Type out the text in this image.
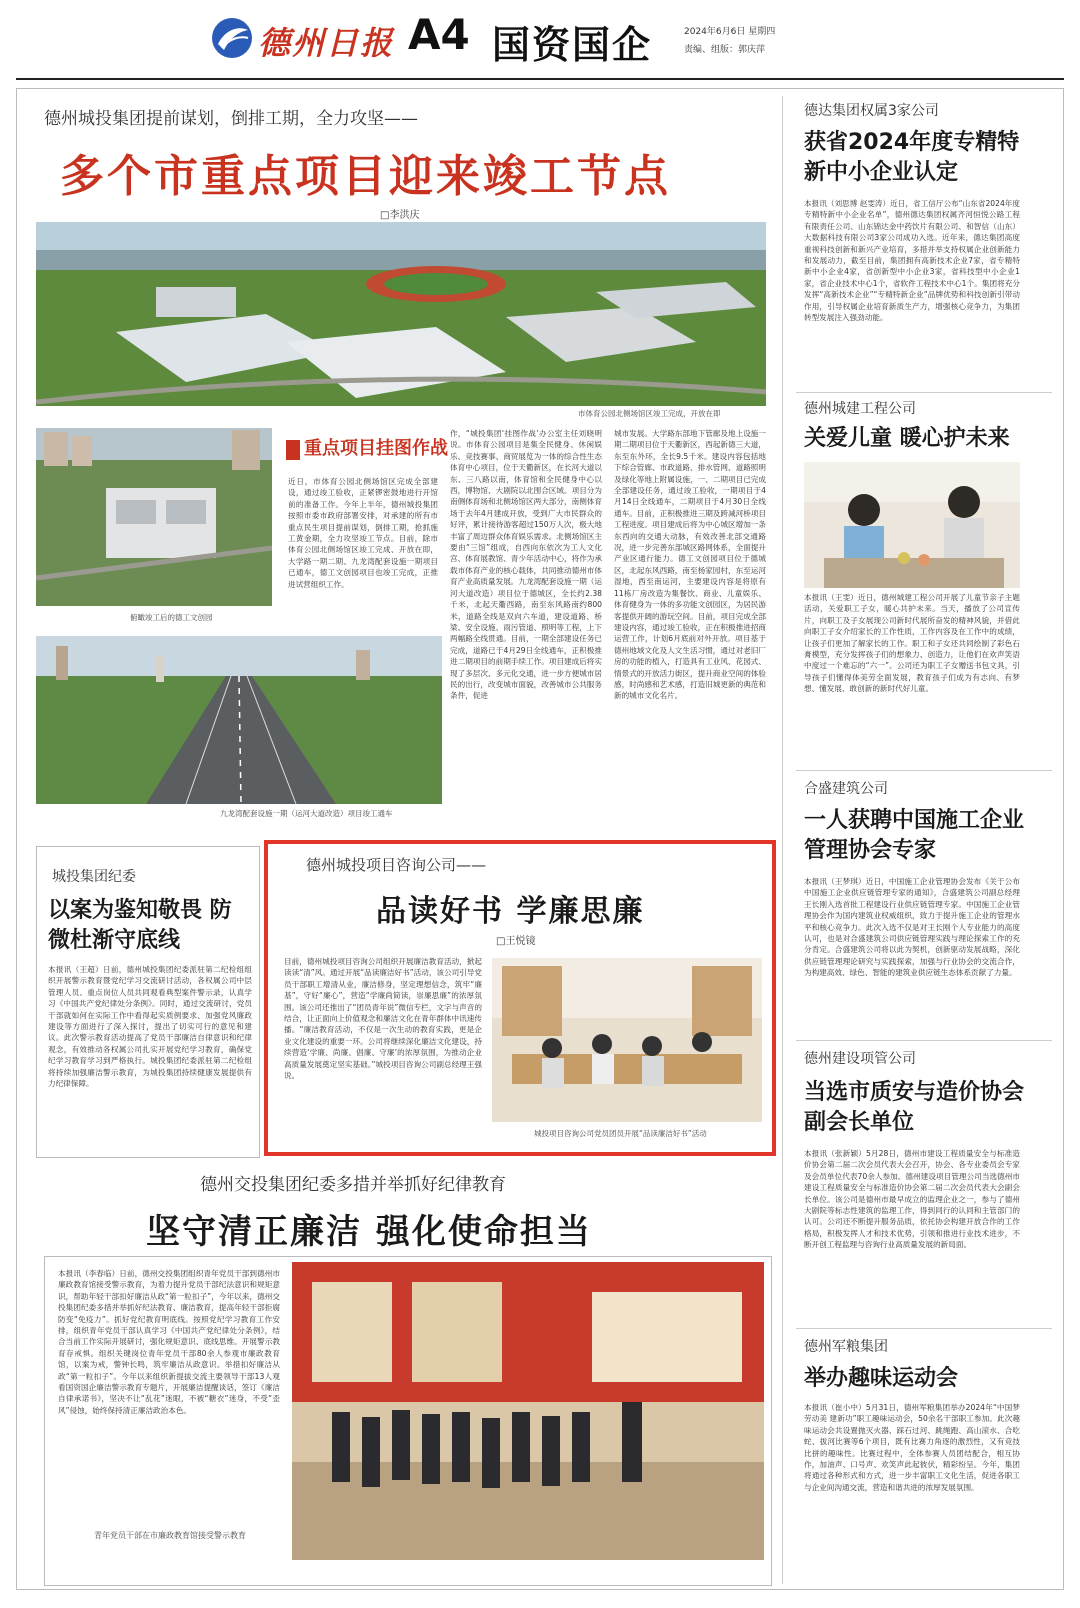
德州日报 A4 国资国企	2024年6月6日 星期四
责编、组版：郭庆萍
德州城投集团提前谋划，倒排工期，全力攻坚——
多个市重点项目迎来竣工节点
□李洪庆
市体育公园北侧场馆区竣工完成，开放在即
俯瞰竣工后的德工文创园
九龙湾配套设施一期（运河大道改造）项目竣工通车
重点项目挂图作战
近日，市体育公园北侧场馆区完成全部建设，通过竣工验收，正紧锣密鼓地进行开馆前的准备工作。今年上半年，德州城投集团按照市委市政府部署安排，对承建的所有市重点民生项目提前谋划，倒排工期，抢抓施工黄金期，全力攻坚竣工节点。目前，除市体育公园北侧场馆区竣工完成、开放在即，大学路一期二期、九龙湾配套设施一期项目已通车，德工文创园项目也竣工完成，正推进试营组织工作。
作，“城投集团‘挂图作战’办公室主任刘晓明说。市体育公园项目是集全民健身、休闲娱乐、竞技赛事、商贸展览为一体的综合性生态体育中心项目，位于天衢新区，在长河大道以东、三八路以南，体育馆和全民健身中心以西，博物馆、大剧院以北围合区域。项目分为南侧体育场和北侧场馆区两大部分，南侧体育场于去年4月建成开放，受到广大市民群众的好评，累计接待游客超过150万人次，极大地丰富了周边群众体育娱乐需求。北侧场馆区主要由“三馆”组成，自西向东依次为工人文化宫、体育展教馆、青少年活动中心，将作为承载市体育产业的核心载体，共同推动德州市体育产业高质量发展。九龙湾配套设施一期（运河大道改造）项目位于德城区，全长约2.38千米，北起天衢西路，南至东风路南约800米，道路全线是双向六车道，建设道路、桥梁、安全设施、雨污管道、照明等工程，上下两幅路全线贯通。目前，一期全部建设任务已完成，道路已于4月29日全线通车，正积极推进二期项目的前期手续工作。项目建成后将实现了多层次、多元化交通，进一步方便城市居民的出行，改变城市面貌，改善城市公共服务条件，促进
城市发展。大学路东部地下管廊及地上设施一期二期项目位于天衢新区，西起新德三大道，东至东外环，全长9.5千米。建设内容包括地下综合管廊、市政道路、排水管网、道路照明及绿化等地上附属设施，一、二期项目已完成全部建设任务，通过竣工验收，一期项目于4月14日全线通车，二期项目于4月30日全线通车。目前，正积极推进三期及跨减河桥项目工程进度。项目建成后将为中心城区增加一条东西向的交通大动脉，有效改善北部交通路况，进一步完善东部城区路网体系，全面提升产业区通行能力。德工文创园项目位于德城区，北起东风西路，南至杨家园村，东至运河湿地，西至南运河，主要建设内容是将原有11栋厂房改造为集餐饮、商业、儿童娱乐、体育健身为一体的多功能文创园区，为居民游客提供开阔的游玩空间。目前，项目完成全部建设内容，通过竣工验收，正在积极推进招商运营工作，计划6月底前对外开放。项目基于德州地域文化及人文生活习惯，通过对老旧厂房的功能的植入，打造具有工业风、花园式、情景式的开放活力街区，提升商业空间的体验感，时尚感和艺术感，打造旧城更新的典范和新的城市文化名片。
城投集团纪委
以案为鉴知敬畏 防微杜渐守底线
本报讯（王超）日前，德州城投集团纪委派驻第二纪检组组织开展警示教育暨党纪学习交流研讨活动，各权属公司中层管理人员、重点岗位人员共同观看典型案件警示录，认真学习《中国共产党纪律处分条例》。同时，通过交流研讨，党员干部就如何在实际工作中看得起实质例要求、加强党风廉政建设等方面进行了深入探讨，提出了切实可行的意见和建议。此次警示教育活动提高了党员干部廉洁自律意识和纪律观念，有效推动各权属公司扎实开展党纪学习教育，确保党纪学习教育学习到严格执行。城投集团纪委派驻第二纪检组将持续加强廉洁警示教育，为城投集团持续健康发展提供有力纪律保障。
德州城投项目咨询公司——
品读好书 学廉思廉
□王悦镜
目前，德州城投项目咨询公司组织开展廉洁教育活动，掀起读读“清”风。通过开展“品读廉洁好书”活动，该公司引导党员干部职工增清从业，廉洁修身，坚定理想信念，筑牢“廉基”，守好“廉心”，营造“学廉尚简读，崇廉思廉”的浓厚氛围。该公司还推出了“团员青年说”微信专栏，文字与声音的结合，让正面向上价值观念和廉洁文化在青年群体中讯速传播。“廉洁教育活动，不仅是一次生动的教育实践，更是企业文化建设的重要一环。公司将继续深化廉洁文化建设，持续营造‘学廉、尚廉、倡廉、守廉’的浓厚氛围，为推动企业高质量发展奠定坚实基础。”城投项目咨询公司副总经理王强说。
城投项目咨询公司党员团员开展“品读廉洁好书”活动
德州交投集团纪委多措并举抓好纪律教育
坚守清正廉洁 强化使命担当
本报讯（李春临）日前，德州交投集团组织青年党员干部到德州市廉政教育馆接受警示教育，为着力提升党员干部纪法意识和规矩意识，帮助年轻干部扣好廉洁从政“第一粒扣子”，今年以来，德州交投集团纪委多措并举抓好纪法教育、廉洁教育，提高年轻干部拒腐防变“免疫力”。抓好党纪教育明底线。按照党纪学习教育工作安排，组织青年党员干部认真学习《中国共产党纪律处分条例》，结合当前工作实际开展研讨，强化规矩意识、底线思维。开展警示教育存戒惧。组织关键岗位青年党员干部80余人参观市廉政教育馆，以案为戒，警钟长鸣，筑牢廉洁从政意识。举措扣好廉洁从政“第一粒扣子”。今年以来组织新提拔交流主要领导干部13人观看国资国企廉洁警示教育专题片，开展廉洁提醒谈话，签订《廉洁自律承诺书》，坚决不让“乱花”迷眼，不被“糖衣”迷身，不受“歪风”侵蚀，始终保持清正廉洁政治本色。
青年党员干部在市廉政教育馆接受警示教育
德达集团权属3家公司
获省2024年度专精特新中小企业认定
本报讯（刘思博 赵雯涛）近日，省工信厅公布“山东省2024年度专精特新中小企业名单”，德州德达集团权属齐河恒悦公路工程有限责任公司、山东锦达金中药饮片有限公司、和智信（山东）大数据科技有限公司3家公司成功入选。近年来，德达集团高度重视科技创新和新兴产业培育，多措并举支持权属企业创新能力和发展动力，截至目前，集团拥有高新技术企业7家，省专精特新中小企业4家，省创新型中小企业3家，省科技型中小企业1家，省企业技术中心1个，省软件工程技术中心1个。集团将充分发挥“高新技术企业”“专精特新企业”品牌优势和科技创新引带动作用，引导权属企业培育新质生产力，增强核心竞争力，为集团转型发展注入强劲动能。
德州城建工程公司
关爱儿童 暖心护未来
本报讯（王雯）近日，德州城建工程公司开展了儿童节亲子主题活动，关爱职工子女，暖心共护未来。当天，播放了公司宣传片，向职工及子女展现公司新时代展所奋发的精神风貌，并借此向职工子女介绍家长的工作性质，工作内容及在工作中的成绩，让孩子们更加了解家长的工作。职工和子女还共同绘制了彩色石膏模型，充分发挥孩子们的想象力、创造力，让他们在欢声笑语中度过一个难忘的“六一”。公司还为职工子女赠送书包文具，引导孩子们懂得体美劳全面发展，教育孩子们成为有志向、有梦想、懂发展、敢创新的新时代好儿童。
合盛建筑公司
一人获聘中国施工企业管理协会专家
本报讯（王梦琪）近日，中国施工企业管理协会发布《关于公布中国施工企业供应链管理专家的通知》，合盛建筑公司副总经理王长刚入选首批工程建设行业供应链管理专家。中国施工企业管理协会作为国内建筑业权威组织，致力于提升施工企业的管理水平和核心竞争力。此次入选不仅是对王长刚个人专业能力的高度认可，也是对合盛建筑公司供应链管理实践与理论探索工作的充分肯定。合盛建筑公司将以此为契机，创新驱动发展战略，深化供应链管理理论研究与实践探索，加强与行业协会的交流合作，为构建高效、绿色、智能的建筑业供应链生态体系贡献了力量。
德州建设项管公司
当选市质安与造价协会副会长单位
本报讯（张新颖）5月28日，德州市建设工程质量安全与标准造价协会第二届二次会员代表大会召开，协会、各专业委员会专家及会员单位代表70余人参加。德州建设项目管理公司当选德州市建设工程质量安全与标准造价协会第二届二次会员代表大会副会长单位。该公司是德州市最早成立的监理企业之一，参与了德州大剧院等标志性建筑的监理工作，得到同行的认同和主管部门的认可。公司还不断提升服务品质，依托协会构建开放合作的工作格局，积极发挥人才和技术优势，引领和推进行业技术进步，不断开创工程监理与咨询行业高质量发展的新局面。
德州军粮集团
举办趣味运动会
本报讯（崔小中）5月31日，德州军粮集团举办2024年“中国梦 劳动美 建新功”职工趣味运动会，50余名干部职工参加。此次趣味运动会共设置抛灭火器、踩石过河、跳绳跑、高山滚水、合吃蛇、拔河比赛等6个项目，既有比赛力角逐的激烈性，又有竞技比拼的趣味性。比赛过程中，全体参赛人员团结配合，相互协作，加油声、口号声、欢笑声此起彼伏，精彩纷呈。今年，集团将通过各种形式和方式，进一步丰富职工文化生活，促进各职工与企业间沟通交流，营造和谐共进的浓厚发展氛围。
